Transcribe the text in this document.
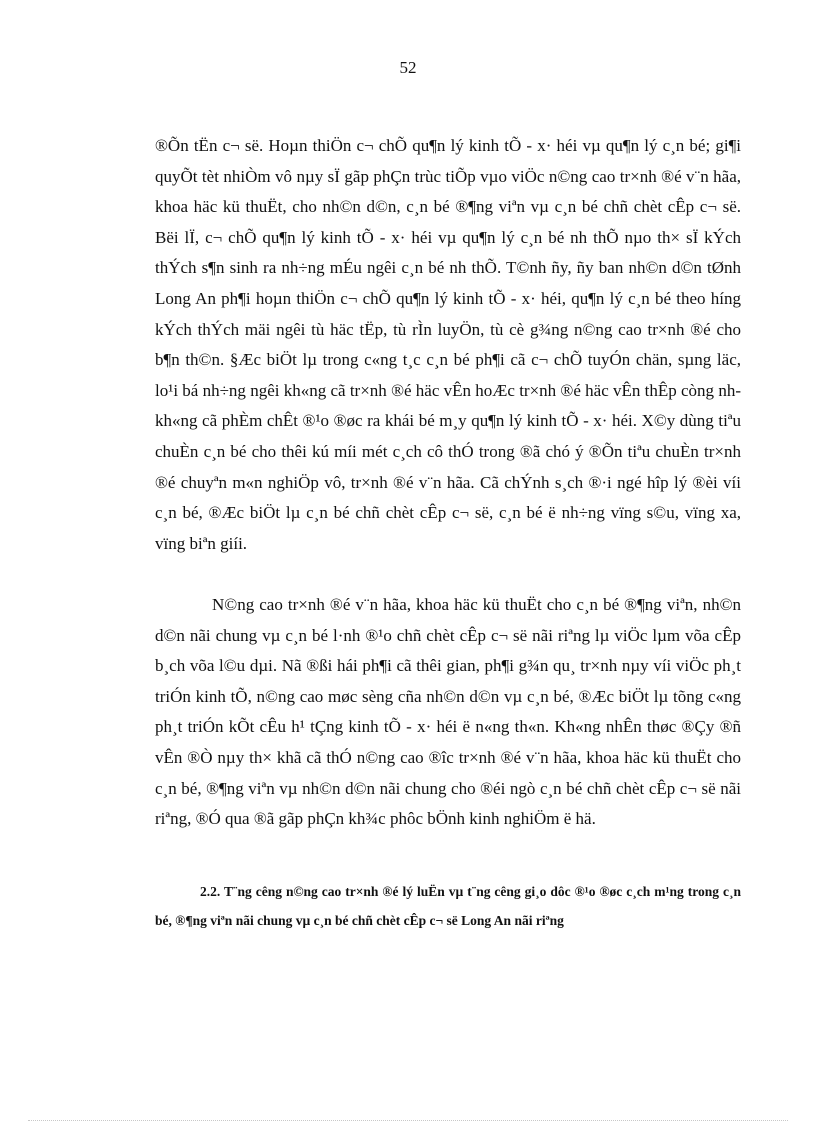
52

®Õn tËn c¬ së. Hoµn thiÖn c¬ chÕ qu¶n lý kinh tÕ - x· héi vµ qu¶n lý c¸n bé; gi¶i quyÕt tèt nhiÒm vô nµy sÏ gãp phÇn trùc tiÕp vµo viÖc n©ng cao tr×nh ®é v¨n hãa, khoa häc kü thuËt, cho nh©n d©n, c¸n bé ®¶ng viªn vµ c¸n bé chñ chèt cÊp c¬ së. Bëi lÏ, c¬ chÕ qu¶n lý kinh tÕ - x· héi vµ qu¶n lý c¸n bé nh thÕ nµo th× sÏ kÝch thÝch s¶n sinh ra nh÷ng mÉu ngêi c¸n bé nh thÕ. T©nh ñy, ñy ban nh©n d©n tØnh Long An ph¶i hoµn thiÖn c¬ chÕ qu¶n lý kinh tÕ - x· héi, qu¶n lý c¸n bé theo híng kÝch thÝch mäi ngêi tù häc tËp, tù rÌn luyÖn, tù cè g¾ng n©ng cao tr×nh ®é cho b¶n th©n. §Æc biÖt lµ trong c«ng t¸c c¸n bé ph¶i cã c¬ chÕ tuyÓn chän, sµng läc, lo¹i bá nh÷ng ngêi kh«ng cã tr×nh ®é häc vÊn hoÆc tr×nh ®é häc vÊn thÊp còng nh kh«ng cã phÈm chÊt ®¹o ®øc ra khái bé m¸y qu¶n lý kinh tÕ - x· héi. X©y dùng tiªu chuÈn c¸n bé cho thêi kú míi mét c¸ch cô thÓ trong ®ã chó ý ®Õn tiªu chuÈn tr×nh ®é chuyªn m«n nghiÖp vô, tr×nh ®é v¨n hãa. Cã chÝnh s¸ch ®·i ngé hîp lý ®èi víi c¸n bé, ®Æc biÖt lµ c¸n bé chñ chèt cÊp c¬ së, c¸n bé ë nh÷ng vïng s©u, vïng xa, vïng biªn giíi.

N©ng cao tr×nh ®é v¨n hãa, khoa häc kü thuËt cho c¸n bé ®¶ng viªn, nh©n d©n nãi chung vµ c¸n bé l·nh ®¹o chñ chèt cÊp c¬ së nãi riªng lµ viÖc lµm võa cÊp b¸ch võa l©u dµi. Nã ®ßi hái ph¶i cã thêi gian, ph¶i g¾n qu¸ tr×nh nµy víi viÖc ph¸t triÓn kinh tÕ, n©ng cao møc sèng cña nh©n d©n vµ c¸n bé, ®Æc biÖt lµ tõng c«ng ph¸t triÓn kÕt cÊu h¹ tÇng kinh tÕ - x· héi ë n«ng th«n. Kh«ng nhÊn thøc ®Çy ®ñ vÊn ®Ò nµy th× khã cã thÓ n©ng cao ®îc tr×nh ®é v¨n hãa, khoa häc kü thuËt cho c¸n bé, ®¶ng viªn vµ nh©n d©n nãi chung cho ®éi ngò c¸n bé chñ chèt cÊp c¬ së nãi riªng, ®Ó qua ®ã gãp phÇn kh¾c phôc bÖnh kinh nghiÖm ë hä.

2.2. T¨ng cêng n©ng cao tr×nh ®é lý luËn vµ t¨ng cêng gi¸o dôc ®¹o ®øc c¸ch m¹ng trong c¸n bé, ®¶ng viªn nãi chung vµ c¸n bé chñ chèt cÊp c¬ së Long An nãi riªng
